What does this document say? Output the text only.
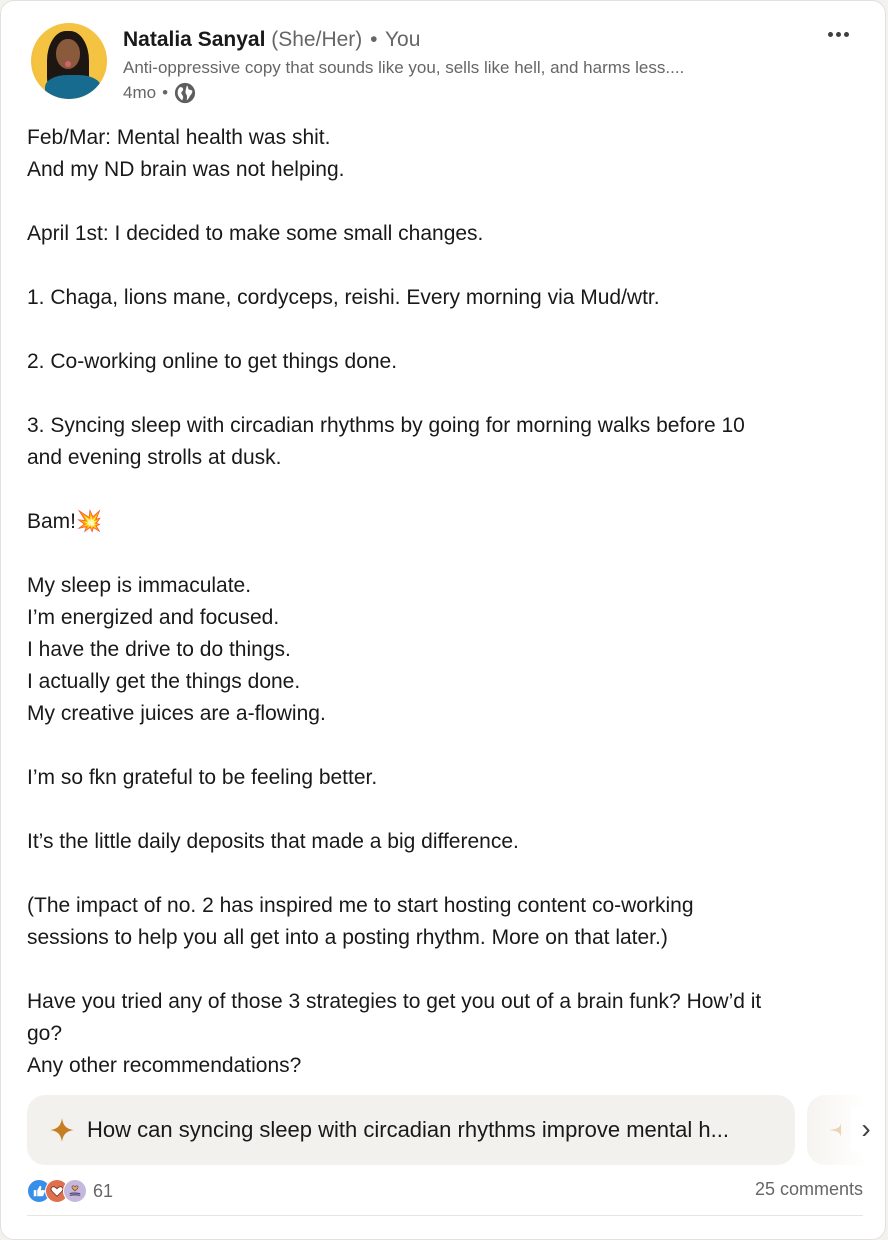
Natalia Sanyal (She/Her) • You
Anti-oppressive copy that sounds like you, sells like hell, and harms less....
4mo •

Feb/Mar: Mental health was shit.

And my ND brain was not helping.

April 1st: I decided to make some small changes.

1. Chaga, lions mane, cordyceps, reishi. Every morning via Mud/wtr.

2. Co-working online to get things done.

3. Syncing sleep with circadian rhythms by going for morning walks before 10

and evening strolls at dusk.

Bam!💥

My sleep is immaculate.

I’m energized and focused.

I have the drive to do things.

I actually get the things done.

My creative juices are a-flowing.

I’m so fkn grateful to be feeling better.

It’s the little daily deposits that made a big difference.

(The impact of no. 2 has inspired me to start hosting content co-working

sessions to help you all get into a posting rhythm. More on that later.)

Have you tried any of those 3 strategies to get you out of a brain funk? How’d it

go?

Any other recommendations?

How can syncing sleep with circadian rhythms improve mental h...	›
61	25 comments
